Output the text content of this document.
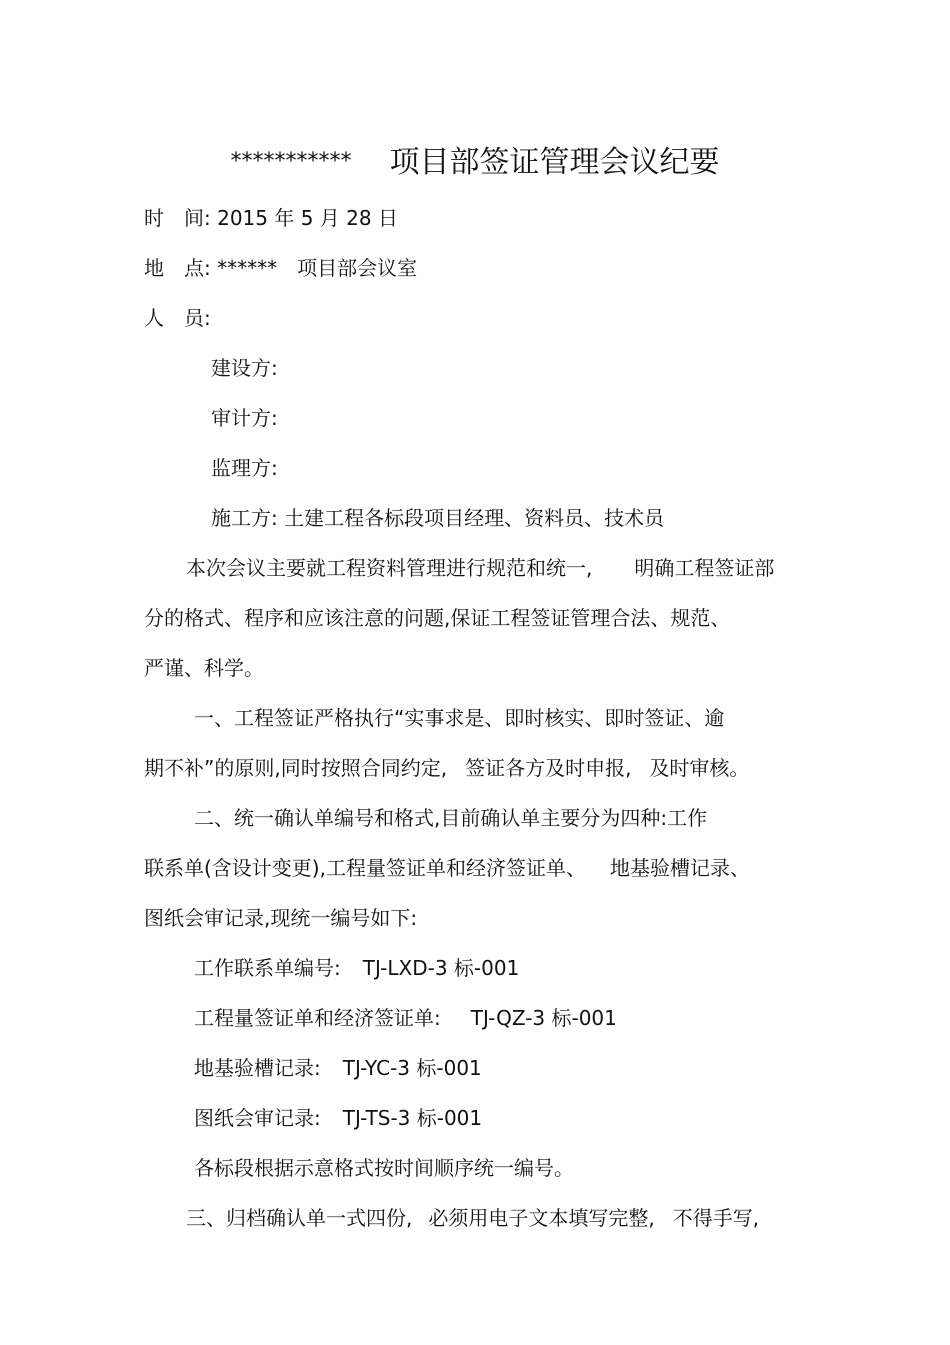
*********** 项目部签证管理会议纪要
时　间: 2015 年 5 月 28 日
地　点: ******　项目部会议室
人　员:
建设方:
审计方:
监理方:
施工方: 土建工程各标段项目经理、资料员、技术员
本次会议主要就工程资料管理进行规范和统一, 明确工程签证部
分的格式、程序和应该注意的问题,保证工程签证管理合法、规范、
严谨、科学。
一、工程签证严格执行“实事求是、即时核实、即时签证、逾
期不补”的原则,同时按照合同约定, 签证各方及时申报, 及时审核。
二、统一确认单编号和格式,目前确认单主要分为四种:工作
联系单(含设计变更),工程量签证单和经济签证单、 地基验槽记录、
图纸会审记录,现统一编号如下:
工作联系单编号: TJ-LXD-3 标-001
工程量签证单和经济签证单: TJ-QZ-3 标-001
地基验槽记录: TJ-YC-3 标-001
图纸会审记录: TJ-TS-3 标-001
各标段根据示意格式按时间顺序统一编号。
三、归档确认单一式四份, 必须用电子文本填写完整, 不得手写,
